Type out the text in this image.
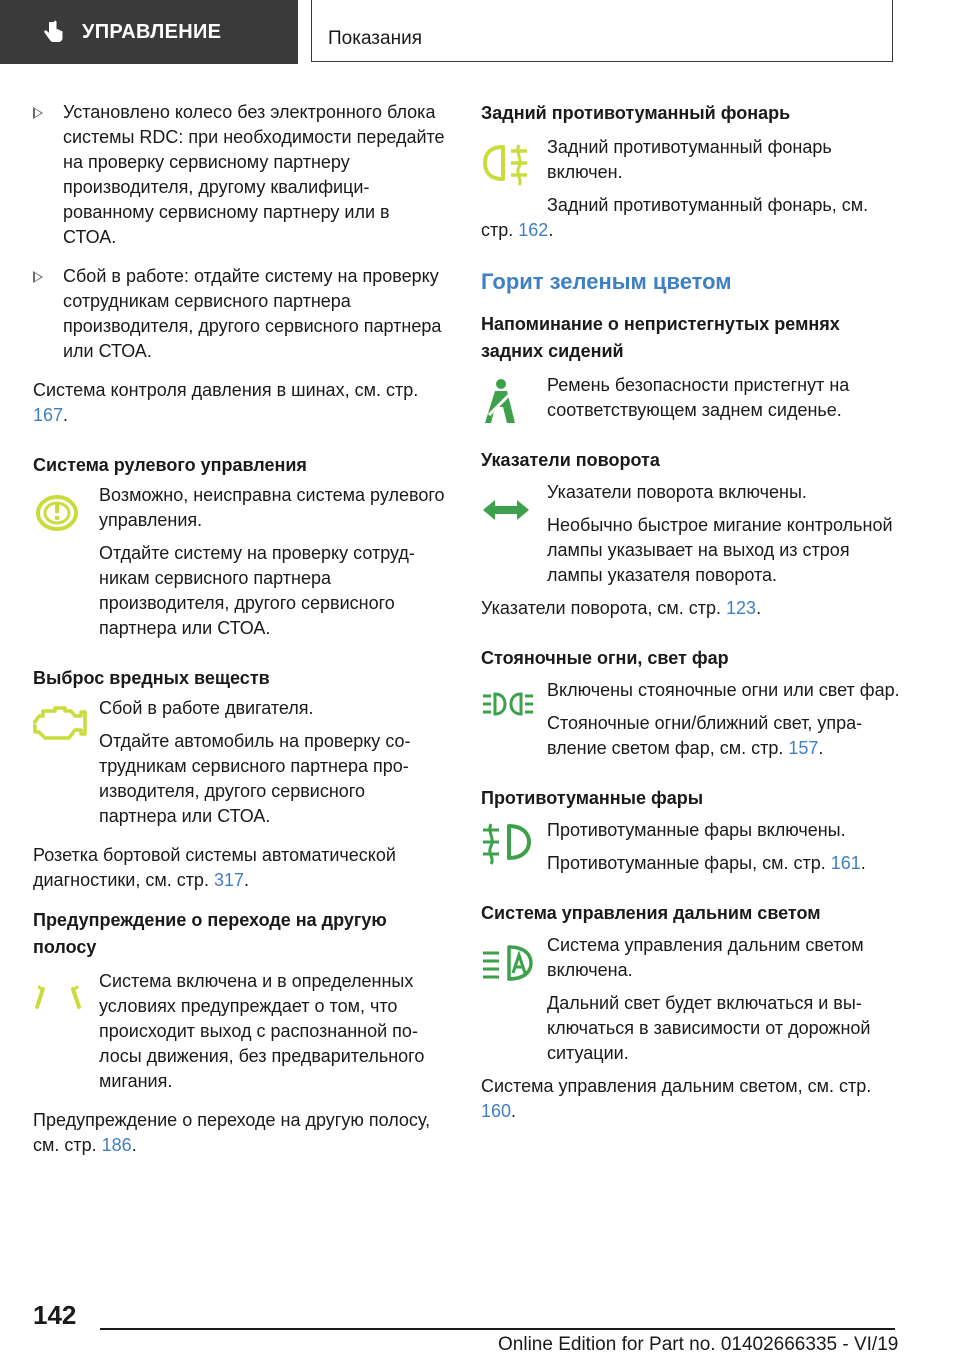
УПРАВЛЕНИЕ	Показания

Установлено колесо без электронного блока системы RDC: при необходимости передайте на проверку сервисному партнеру производителя, другому квалифицированному сервисному партнеру или в СТОА.

Сбой в работе: отдайте систему на проверку сотрудникам сервисного партнера производителя, другого сервисного партнера или СТОА.

Система контроля давления в шинах, см. стр. 167.

Система рулевого управления

Возможно, неисправна система рулевого управления.

Отдайте систему на проверку сотрудникам сервисного партнера производителя, другого сервисного партнера или СТОА.

Выброс вредных веществ

Сбой в работе двигателя.

Отдайте автомобиль на проверку сотрудникам сервисного партнера производителя, другого сервисного партнера или СТОА.

Розетка бортовой системы автоматической диагностики, см. стр. 317.

Предупреждение о переходе на другую полосу

Система включена и в определенных условиях предупреждает о том, что происходит выход с распознанной полосы движения, без предварительного мигания.

Предупреждение о переходе на другую полосу, см. стр. 186.

Задний противотуманный фонарь

Задний противотуманный фонарь включен.

Задний противотуманный фонарь, см. стр. 162.

Горит зеленым цветом

Напоминание о непристегнутых ремнях задних сидений

Ремень безопасности пристегнут на соответствующем заднем сиденье.

Указатели поворота

Указатели поворота включены.

Необычно быстрое мигание контрольной лампы указывает на выход из строя лампы указателя поворота.

Указатели поворота, см. стр. 123.

Стояночные огни, свет фар

Включены стояночные огни или свет фар.

Стояночные огни/ближний свет, управление светом фар, см. стр. 157.

Противотуманные фары

Противотуманные фары включены.

Противотуманные фары, см. стр. 161.

Система управления дальним светом

Система управления дальним светом включена.

Дальний свет будет включаться и выключаться в зависимости от дорожной ситуации.

Система управления дальним светом, см. стр. 160.

142
Online Edition for Part no. 01402666335 - VI/19
